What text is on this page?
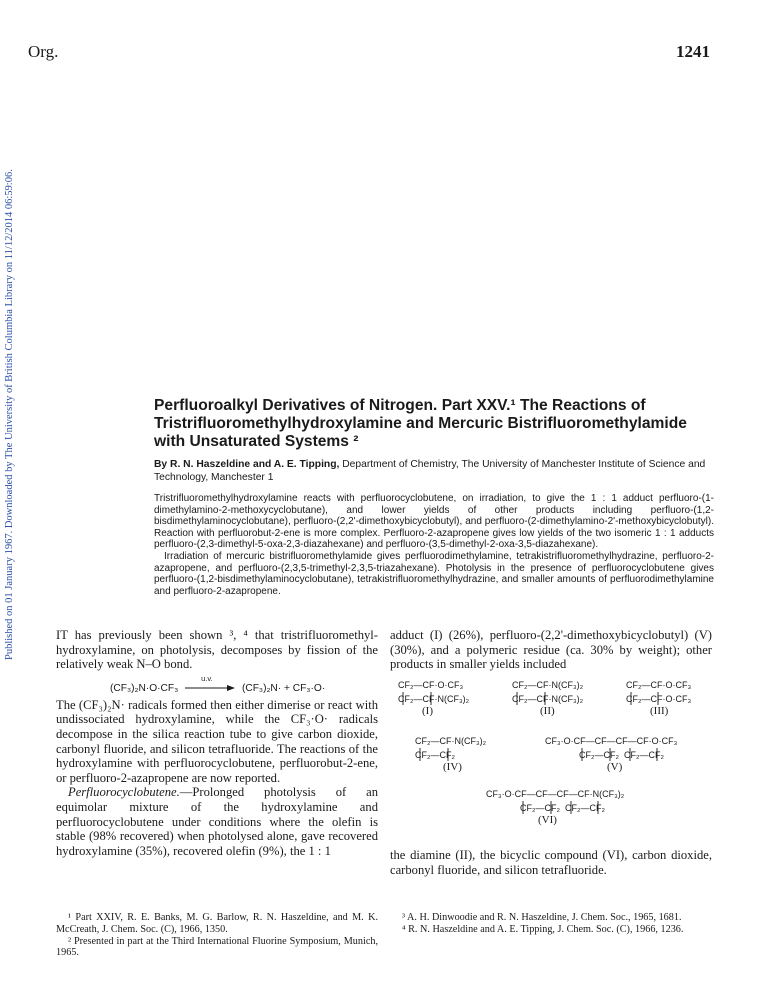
Org.	1241
Published on 01 January 1967. Downloaded by The University of British Columbia Library on 11/12/2014 06:59:06.	Perfluoroalkyl Derivatives of Nitrogen. Part XXV.¹ The Reactions of
Tristrifluoromethylhydroxylamine and Mercuric Bistrifluoromethylamide
with Unsaturated Systems ²
By R. N. Haszeldine and A. E. Tipping, Department of Chemistry, The University of Manchester Institute of Science and Technology, Manchester 1

Tristrifluoromethylhydroxylamine reacts with perfluorocyclobutene, on irradiation, to give the 1 : 1 adduct perfluoro-(1-dimethylamino-2-methoxycyclobutane), and lower yields of other products including perfluoro-(1,2-bisdimethylaminocyclobutane), perfluoro-(2,2'-dimethoxybicyclobutyl), and perfluoro-(2-dimethylamino-2'-methoxybicyclobutyl). Reaction with perfluorobut-2-ene is more complex. Perfluoro-2-azapropene gives low yields of the two isomeric 1 : 1 adducts perfluoro-(2,3-dimethyl-5-oxa-2,3-diazahexane) and perfluoro-(3,5-dimethyl-2-oxa-3,5-diazahexane).

Irradiation of mercuric bistrifluoromethylamide gives perfluorodimethylamine, tetrakistrifluoromethylhydrazine, perfluoro-2-azapropene, and perfluoro-(2,3,5-trimethyl-2,3,5-triazahexane). Photolysis in the presence of perfluorocyclobutene gives perfluoro-(1,2-bisdimethylaminocyclobutane), tetrakistrifluoromethylhydrazine, and smaller amounts of perfluorodimethylamine and perfluoro-2-azapropene.

IT has previously been shown ³, ⁴ that tristrifluoromethyl-hydroxylamine, on photolysis, decomposes by fission of the relatively weak N–O bond.

The (CF₃)₂N· radicals formed then either dimerise or react with undissociated hydroxylamine, while the CF₃·O· radicals decompose in the silica reaction tube to give carbon dioxide, carbonyl fluoride, and silicon tetrafluoride. The reactions of the hydroxylamine with perfluorocyclobutene, perfluorobut-2-ene, or perfluoro-2-azapropene are now reported.

Perfluorocyclobutene.—Prolonged photolysis of an equimolar mixture of the hydroxylamine and perfluorocyclobutene under conditions where the olefin is stable (98% recovered) when photolysed alone, gave recovered hydroxylamine (35%), recovered olefin (9%), the 1 : 1

(CF₃)₂N·O·CF₃
u.v.
(CF₃)₂N· + CF₃·O·

adduct (I) (26%), perfluoro-(2,2'-dimethoxybicyclobutyl) (V) (30%), and a polymeric residue (ca. 30% by weight); other products in smaller yields included

the diamine (II), the bicyclic compound (VI), carbon dioxide, carbonyl fluoride, and silicon tetrafluoride.

CF₂—CF·O·CF₃
CF₂—CF·N(CF₃)₂
(I)
CF₂—CF·N(CF₃)₂
CF₂—CF·N(CF₃)₂
(II)
CF₂—CF·O·CF₃
CF₂—CF·O·CF₃
(III)
CF₂—CF·N(CF₃)₂
CF₂—CF₂
(IV)
CF₃·O·CF—CF—CF—CF·O·CF₃
CF₂—CF₂  CF₂—CF₂
(V)
CF₃·O·CF—CF—CF—CF·N(CF₃)₂
CF₂—CF₂  CF₂—CF₂
(VI)

¹ Part XXIV, R. E. Banks, M. G. Barlow, R. N. Haszeldine, and M. K. McCreath, J. Chem. Soc. (C), 1966, 1350.

² Presented in part at the Third International Fluorine Symposium, Munich, 1965.

³ A. H. Dinwoodie and R. N. Haszeldine, J. Chem. Soc., 1965, 1681.

⁴ R. N. Haszeldine and A. E. Tipping, J. Chem. Soc. (C), 1966, 1236.
